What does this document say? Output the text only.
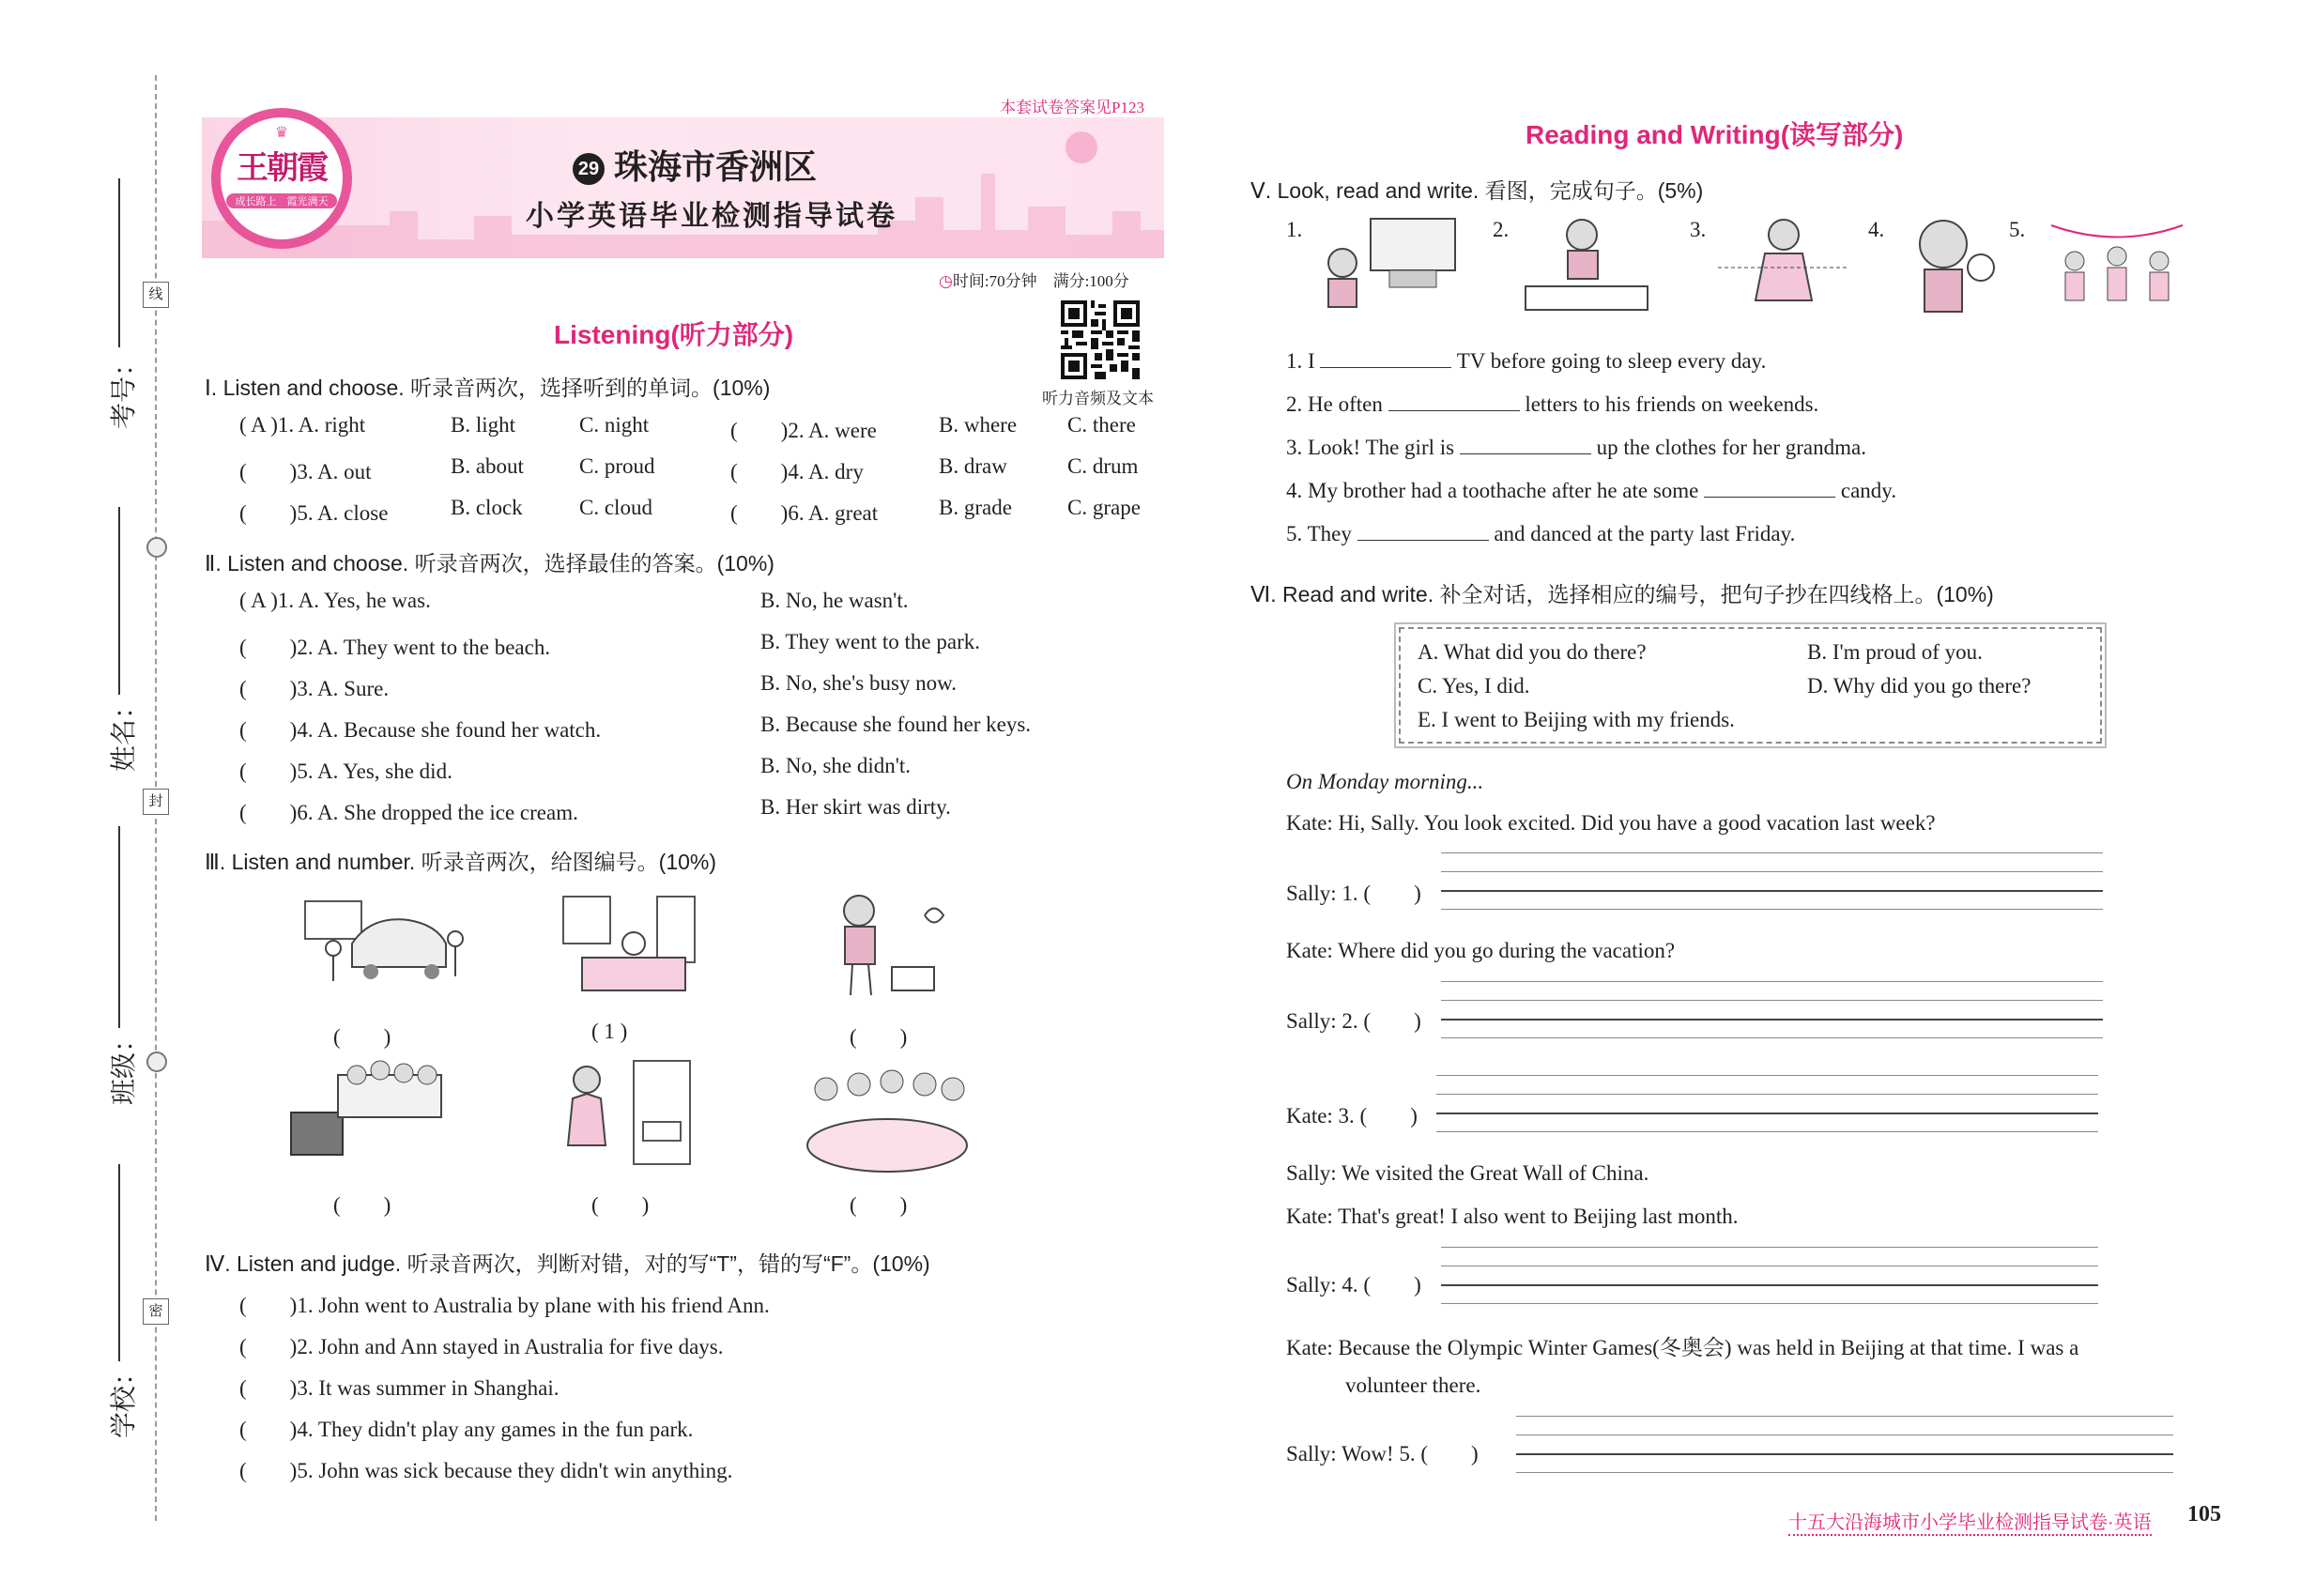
考号：
姓名：
班级：
学校：
线
封
密
本套试卷答案见P123
♛
王朝霞
成长路上　霞光满天
29 珠海市香洲区
小学英语毕业检测指导试卷
◷时间:70分钟　满分:100分
听力音频及文本
Listening(听力部分)
Ⅰ. Listen and choose. 听录音两次，选择听到的单词。(10%)
Ⅱ. Listen and choose. 听录音两次，选择最佳的答案。(10%)
Ⅲ. Listen and number. 听录音两次，给图编号。(10%)
(　　)	( 1 )	(　　)
(　　)	(　　)	(　　)
Ⅳ. Listen and judge. 听录音两次，判断对错，对的写“T”，错的写“F”。(10%)
Reading and Writing(读写部分)
Ⅴ. Look, read and write. 看图，完成句子。(5%)
Ⅵ. Read and write. 补全对话，选择相应的编号，把句子抄在四线格上。(10%)
A. What did you do there?	B. I'm proud of you.
C. Yes, I did.	D. Why did you go there?
E. I went to Beijing with my friends.
On Monday morning...
十五大沿海城市小学毕业检测指导试卷·英语 105
( A )1. A. right	B. light	C. night	(　　)2. A. were	B. where C. there
(　　)3. A. out	B. about	C. proud	(　　)4. A. dry	B. draw	C. drum
(　　)5. A. close	B. clock	C. cloud	(　　)6. A. great	B. grade	C. grape
( A )1. A. Yes, he was.	B. No, he wasn't.
(　　)2. A. They went to the beach.	B. They went to the park.
(　　)3. A. Sure.	B. No, she's busy now.
(　　)4. A. Because she found her watch.	B. Because she found her keys.
(　　)5. A. Yes, she did.	B. No, she didn't.
(　　)6. A. She dropped the ice cream.	B. Her skirt was dirty.
(　　)1. John went to Australia by plane with his friend Ann.
(　　)2. John and Ann stayed in Australia for five days.
(　　)3. It was summer in Shanghai.
(　　)4. They didn't play any games in the fun park.
(　　)5. John was sick because they didn't win anything.
1.	2.	3.	4.	5.
1. I	TV before going to sleep every day.
2. He often	letters to his friends on weekends.
3. Look! The girl is	up the clothes for her grandma.
4. My brother had a toothache after he ate some	candy.
5. They	and danced at the party last Friday.
Kate: Hi, Sally. You look excited. Did you have a good vacation last week?
Sally: 1. (　　)
Kate: Where did you go during the vacation?
Sally: 2. (　　)
Kate: 3. (　　)
Sally: We visited the Great Wall of China.
Kate: That's great! I also went to Beijing last month.
Sally: 4. (　　)
Kate: Because the Olympic Winter Games(冬奥会) was held in Beijing at that time. I was a
volunteer there.
Sally: Wow! 5. (　　)
